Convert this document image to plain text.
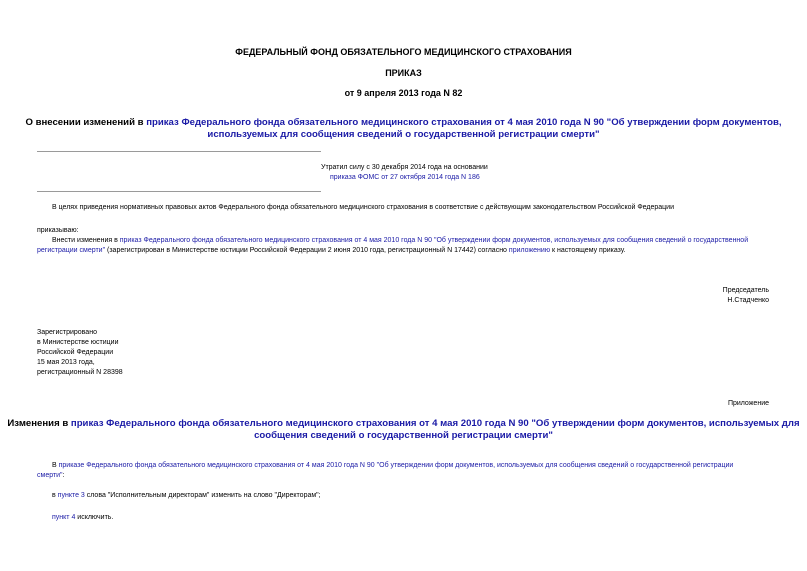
ФЕДЕРАЛЬНЫЙ ФОНД ОБЯЗАТЕЛЬНОГО МЕДИЦИНСКОГО СТРАХОВАНИЯ
ПРИКАЗ
от 9 апреля 2013 года N 82
О внесении изменений в приказ Федерального фонда обязательного медицинского страхования от 4 мая 2010 года N 90 "Об утверждении форм документов,
используемых для сообщения сведений о государственной регистрации смерти"
Утратил силу с 30 декабря 2014 года на основании
приказа ФОМС от 27 октября 2014 года N 186
В целях приведения нормативных правовых актов Федерального фонда обязательного медицинского страхования в соответствие с действующим законодательством Российской Федерации
приказываю:
Внести изменения в приказ Федерального фонда обязательного медицинского страхования от 4 мая 2010 года N 90 "Об утверждении форм документов, используемых для сообщения сведений о государственной
регистрации смерти" (зарегистрирован в Министерстве юстиции Российской Федерации 2 июня 2010 года, регистрационный N 17442) согласно приложению к настоящему приказу.
Председатель
Н.Стадченко
Зарегистрировано
в Министерстве юстиции
Российской Федерации
15 мая 2013 года,
регистрационный N 28398
Приложение
Изменения в приказ Федерального фонда обязательного медицинского страхования от 4 мая 2010 года N 90 "Об утверждении форм документов, используемых для
сообщения сведений о государственной регистрации смерти"
В приказе Федерального фонда обязательного медицинского страхования от 4 мая 2010 года N 90 "Об утверждении форм документов, используемых для сообщения сведений о государственной регистрации
смерти":
в пункте 3 слова "Исполнительным директорам" изменить на слово "Директорам";
пункт 4 исключить.
